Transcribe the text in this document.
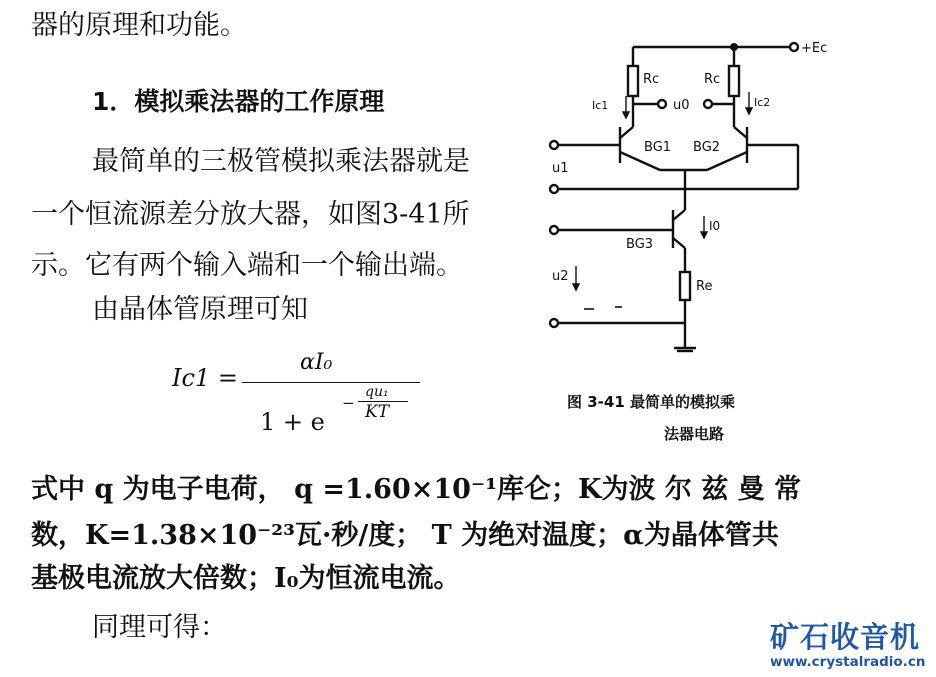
器的原理和功能。
1．模拟乘法器的工作原理
最简单的三极管模拟乘法器就是
一个恒流源差分放大器，如图3-41所
示。它有两个输入端和一个输出端。
由晶体管原理可知
Ic1 =
αI₀
1 + e
−
qu₁
KT
式中 q 为电子电荷， q =1.60×10⁻¹库仑；K为波 尔 兹 曼 常
数，K=1.38×10⁻²³瓦·秒/度； T 为绝对温度；α为晶体管共
基极电流放大倍数；I₀为恒流电流。
同理可得：
+Ec
Rc	Rc
Ic1	Ic2
u0
BG1 BG2
u1
BG3
I0
u2
Re
图 3-41 最简单的模拟乘
法器电路
矿石收音机
www.crystalradio.cn
